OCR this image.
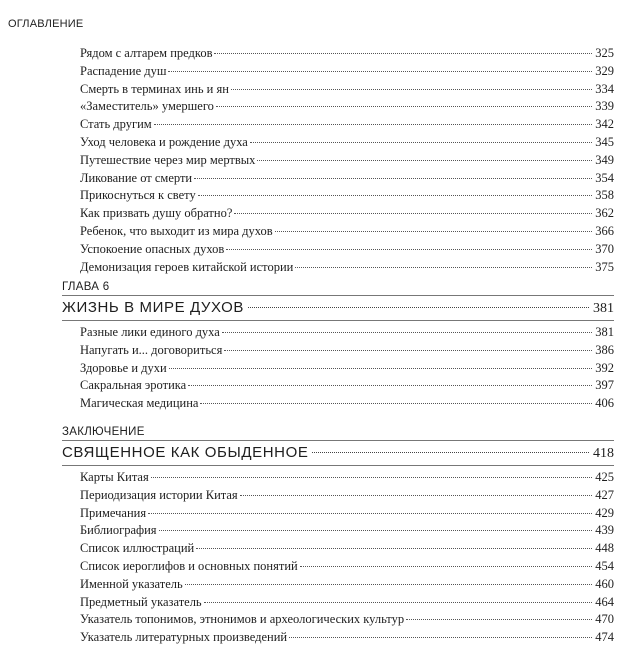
ОГЛАВЛЕНИЕ
Рядом с алтарем предков	325
Распадение душ	329
Смерть в терминах инь и ян	334
«Заместитель» умершего	339
Стать другим	342
Уход человека и рождение духа	345
Путешествие через мир мертвых	349
Ликование от смерти	354
Прикоснуться к свету	358
Как призвать душу обратно?	362
Ребенок, что выходит из мира духов	366
Успокоение опасных духов	370
Демонизация героев китайской истории	375
ГЛАВА 6
ЖИЗНЬ В МИРЕ ДУХОВ	381
Разные лики единого духа	381
Напугать и... договориться	386
Здоровье и духи	392
Сакральная эротика	397
Магическая медицина	406
ЗАКЛЮЧЕНИЕ
СВЯЩЕННОЕ КАК ОБЫДЕННОЕ	418
Карты Китая	425
Периодизация истории Китая	427
Примечания	429
Библиография	439
Список иллюстраций	448
Список иероглифов и основных понятий	454
Именной указатель	460
Предметный указатель	464
Указатель топонимов, этнонимов и археологических культур	470
Указатель литературных произведений	474
